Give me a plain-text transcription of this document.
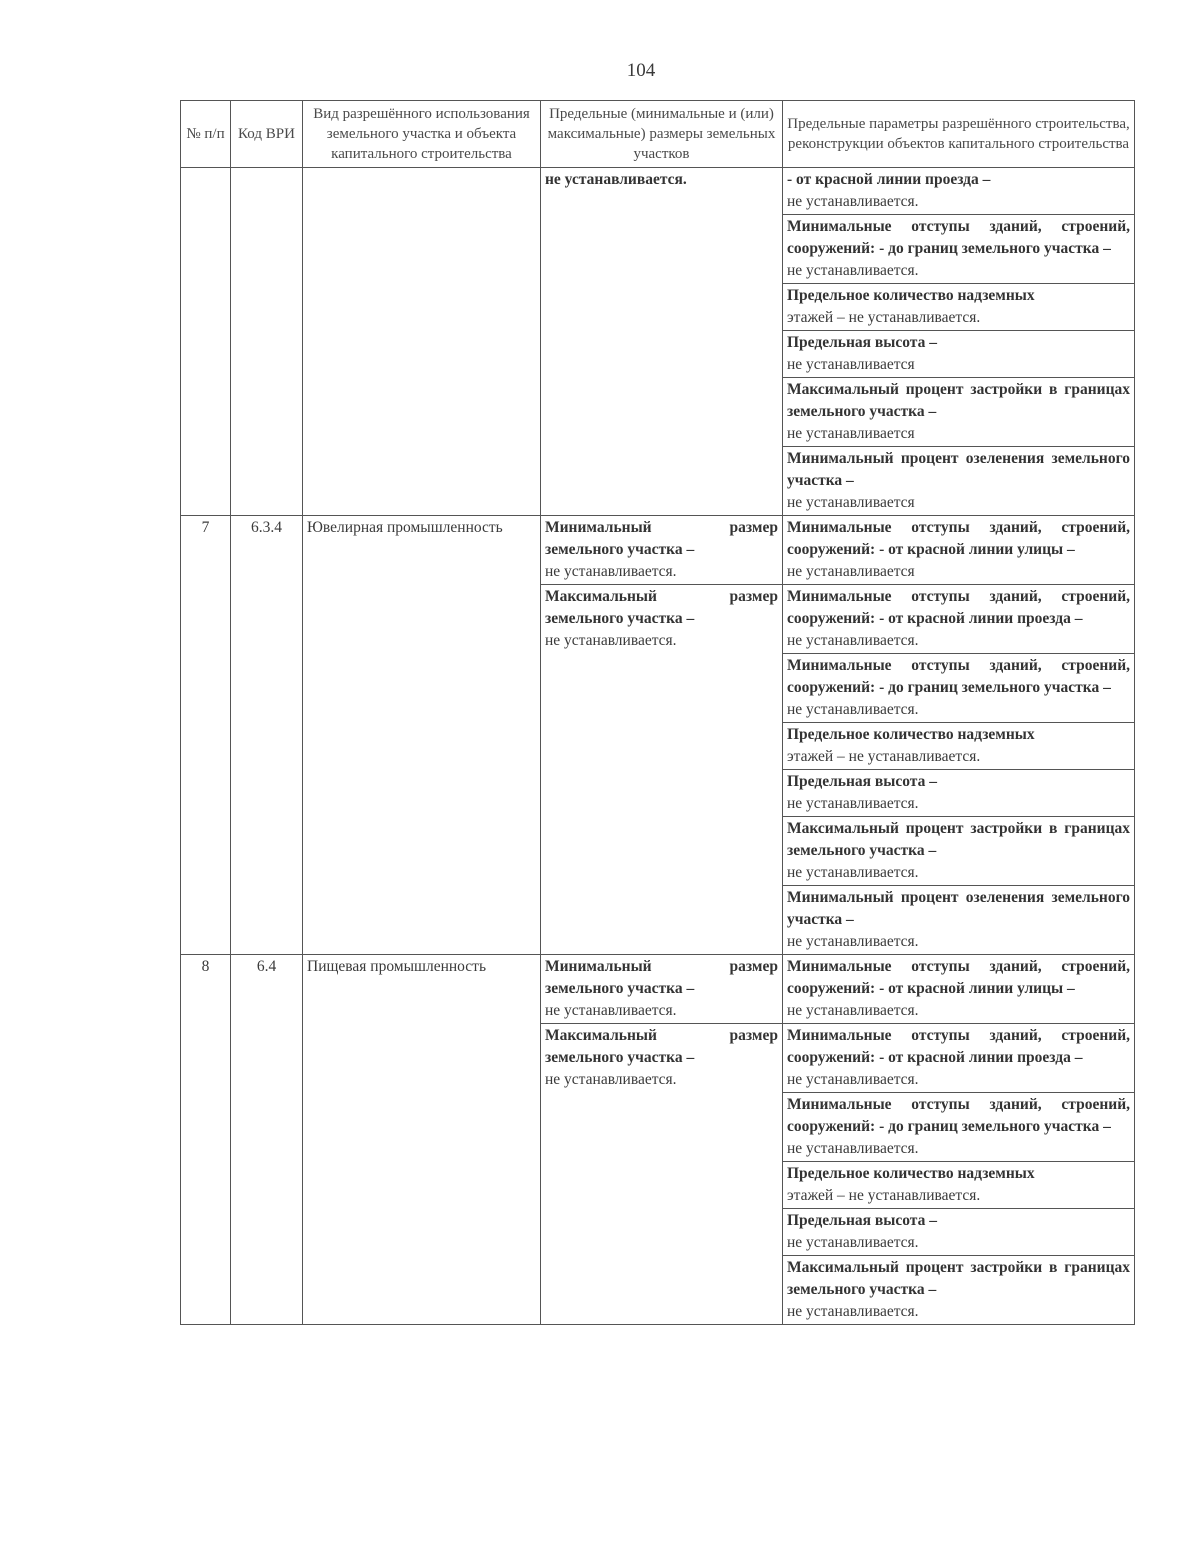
104
№ п/п	Код ВРИ	Вид разрешённого использования земельного участка и объекта капитального строительства	Предельные (минимальные и (или) максимальные) размеры земельных участков	Предельные параметры разрешённого строительства, реконструкции объектов капитального строительства
			не устанавливается.	- от красной линии проезда –
не устанавливается.
				Минимальные отступы зданий, строений, сооружений: - до границ земельного участка –
не устанавливается.
				Предельное количество надземных
этажей – не устанавливается.
				Предельная высота –
не устанавливается
				Максимальный процент застройки в границах земельного участка –
не устанавливается
				Минимальный процент озеленения земельного участка –
не устанавливается
7	6.3.4	Ювелирная промышленность	Минимальный размер земельного участка –
не устанавливается.	Минимальные отступы зданий, строений, сооружений: - от красной линии улицы –
не устанавливается
			Максимальный размер земельного участка –
не устанавливается.	Минимальные отступы зданий, строений, сооружений: - от красной линии проезда –
не устанавливается.
				Минимальные отступы зданий, строений, сооружений: - до границ земельного участка –
не устанавливается.
				Предельное количество надземных
этажей – не устанавливается.
				Предельная высота –
не устанавливается.
				Максимальный процент застройки в границах земельного участка –
не устанавливается.
				Минимальный процент озеленения земельного участка –
не устанавливается.
8	6.4	Пищевая промышленность	Минимальный размер земельного участка –
не устанавливается.	Минимальные отступы зданий, строений, сооружений: - от красной линии улицы –
не устанавливается.
			Максимальный размер земельного участка –
не устанавливается.	Минимальные отступы зданий, строений, сооружений: - от красной линии проезда –
не устанавливается.
				Минимальные отступы зданий, строений, сооружений: - до границ земельного участка –
не устанавливается.
				Предельное количество надземных
этажей – не устанавливается.
				Предельная высота –
не устанавливается.
				Максимальный процент застройки в границах земельного участка –
не устанавливается.
